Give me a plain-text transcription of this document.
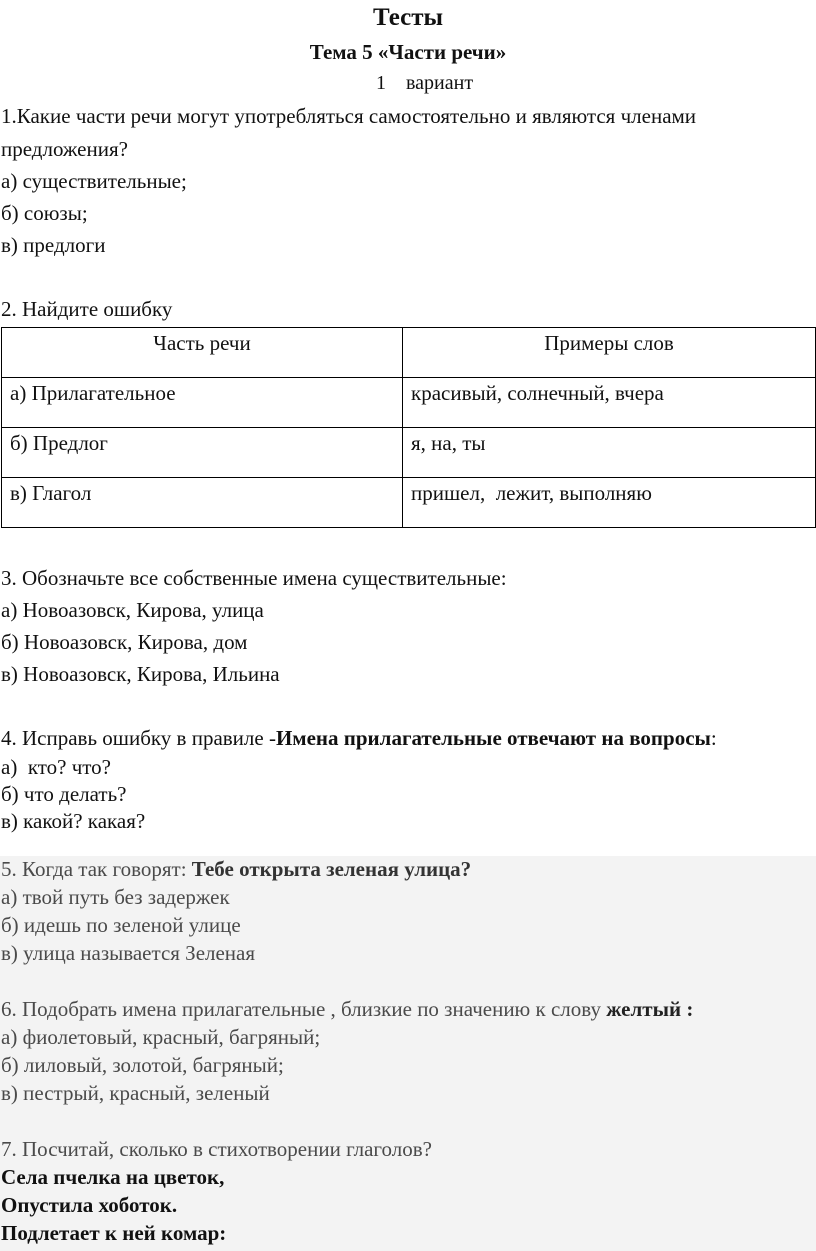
Тесты
Тема 5 «Части речи»
1    вариант
1.Какие части речи могут употребляться самостоятельно и являются членами
предложения?
а) существительные;
б) союзы;
в) предлоги
2. Найдите ошибку
Часть речи	Примеры слов
а) Прилагательное	красивый, солнечный, вчера
б) Предлог	я, на, ты
в) Глагол	пришел,  лежит, выполняю
3. Обозначьте все собственные имена существительные:
а) Новоазовск, Кирова, улица
б) Новоазовск, Кирова, дом
в) Новоазовск, Кирова, Ильина
4. Исправь ошибку в правиле -Имена прилагательные отвечают на вопросы:
а)  кто? что?
б) что делать?
в) какой? какая?
5. Когда так говорят: Тебе открыта зеленая улица?
а) твой путь без задержек
б) идешь по зеленой улице
в) улица называется Зеленая
6. Подобрать имена прилагательные , близкие по значению к слову желтый :
а) фиолетовый, красный, багряный;
б) лиловый, золотой, багряный;
в) пестрый, красный, зеленый
7. Посчитай, сколько в стихотворении глаголов?
Села пчелка на цветок,
Опустила хоботок.
Подлетает к ней комар:
